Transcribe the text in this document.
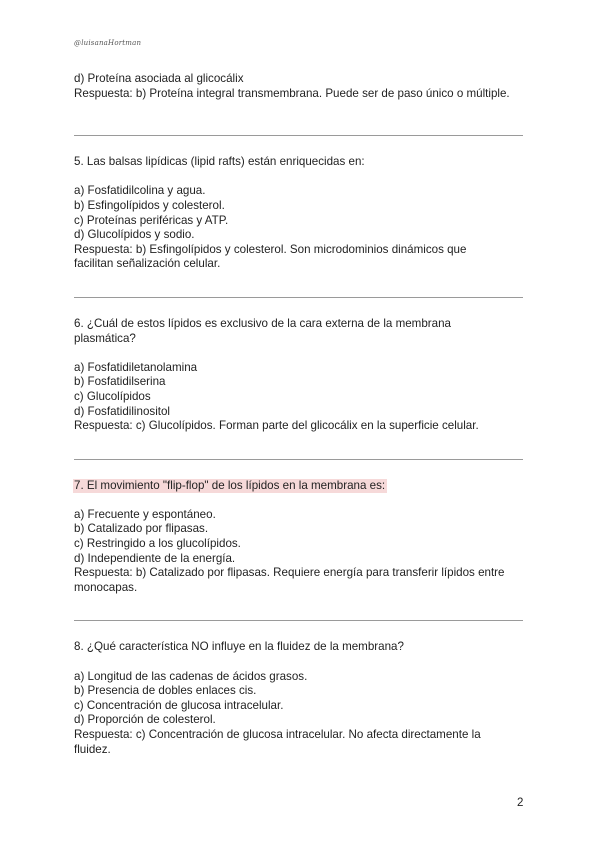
@luisanaHortman
d) Proteína asociada al glicocálix
Respuesta: b) Proteína integral transmembrana. Puede ser de paso único o múltiple.
5. Las balsas lipídicas (lipid rafts) están enriquecidas en:
a) Fosfatidilcolina y agua.
b) Esfingolípidos y colesterol.
c) Proteínas periféricas y ATP.
d) Glucolípidos y sodio.
Respuesta: b) Esfingolípidos y colesterol. Son microdominios dinámicos que
facilitan señalización celular.
6. ¿Cuál de estos lípidos es exclusivo de la cara externa de la membrana
plasmática?
a) Fosfatidiletanolamina
b) Fosfatidilserina
c) Glucolípidos
d) Fosfatidilinositol
Respuesta: c) Glucolípidos. Forman parte del glicocálix en la superficie celular.
7. El movimiento "flip-flop" de los lípidos en la membrana es:
a) Frecuente y espontáneo.
b) Catalizado por flipasas.
c) Restringido a los glucolípidos.
d) Independiente de la energía.
Respuesta: b) Catalizado por flipasas. Requiere energía para transferir lípidos entre
monocapas.
8. ¿Qué característica NO influye en la fluidez de la membrana?
a) Longitud de las cadenas de ácidos grasos.
b) Presencia de dobles enlaces cis.
c) Concentración de glucosa intracelular.
d) Proporción de colesterol.
Respuesta: c) Concentración de glucosa intracelular. No afecta directamente la
fluidez.
2
